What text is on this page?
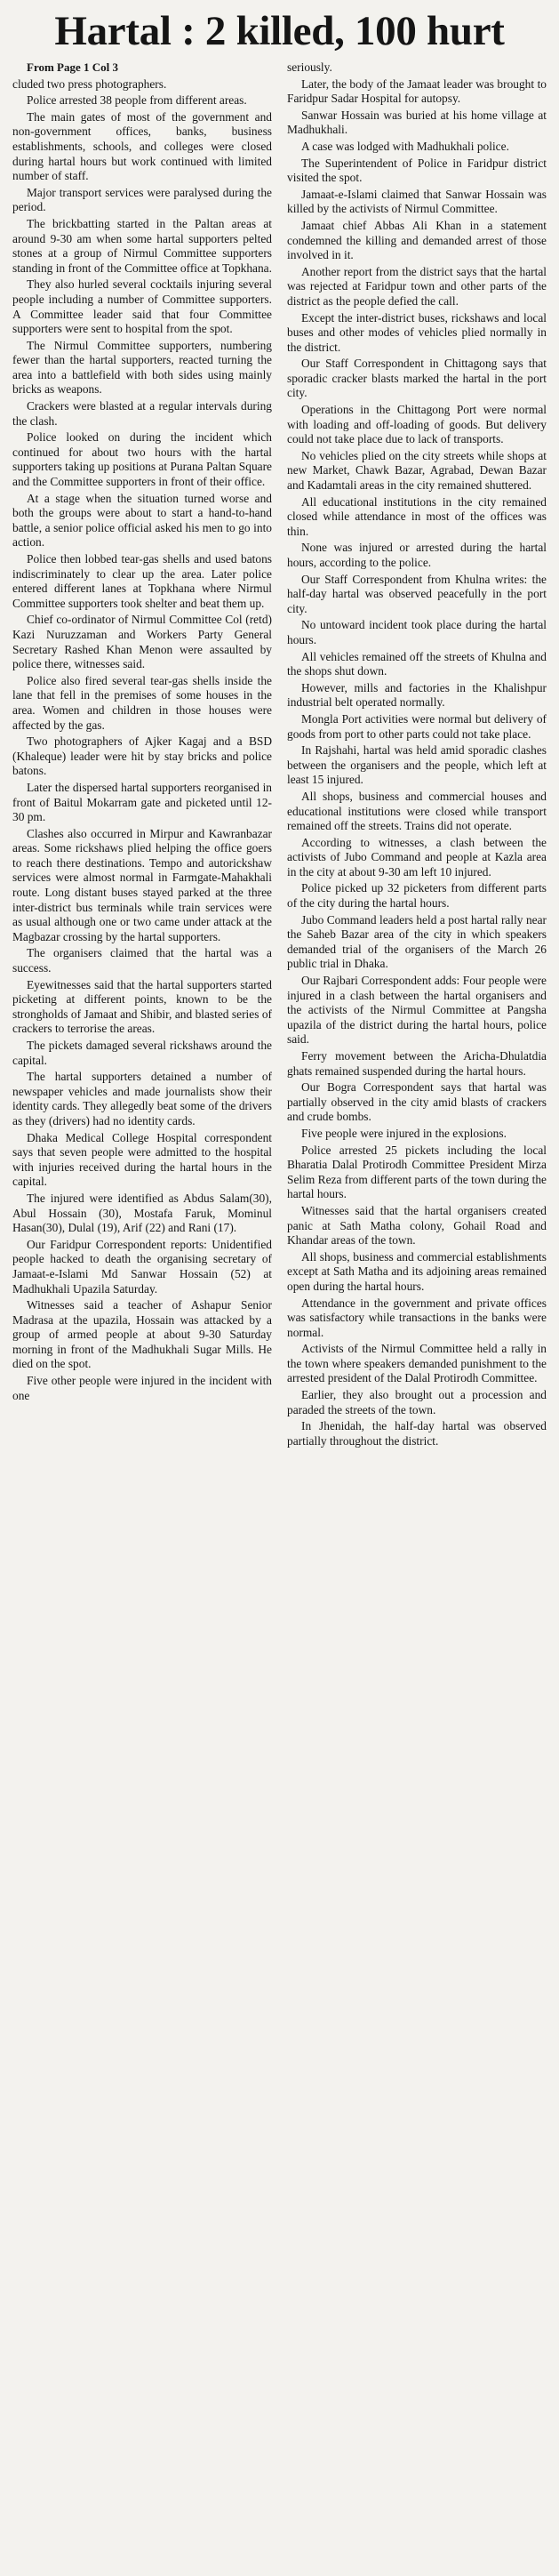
Hartal : 2 killed, 100 hurt

From Page 1 Col 3

cluded two press photographers.

Police arrested 38 people from different areas.

The main gates of most of the government and non-government offices, banks, business establishments, schools, and colleges were closed during hartal hours but work continued with limited number of staff.

Major transport services were paralysed during the period.

The brickbatting started in the Paltan areas at around 9-30 am when some hartal supporters pelted stones at a group of Nirmul Committee supporters standing in front of the Committee office at Topkhana.

They also hurled several cocktails injuring several people including a number of Committee supporters. A Committee leader said that four Committee supporters were sent to hospital from the spot.

The Nirmul Committee supporters, numbering fewer than the hartal supporters, reacted turning the area into a battlefield with both sides using mainly bricks as weapons.

Crackers were blasted at a regular intervals during the clash.

Police looked on during the incident which continued for about two hours with the hartal supporters taking up positions at Purana Paltan Square and the Committee supporters in front of their office.

At a stage when the situation turned worse and both the groups were about to start a hand-to-hand battle, a senior police official asked his men to go into action.

Police then lobbed tear-gas shells and used batons indiscriminately to clear up the area. Later police entered different lanes at Topkhana where Nirmul Committee supporters took shelter and beat them up.

Chief co-ordinator of Nirmul Committee Col (retd) Kazi Nuruzzaman and Workers Party General Secretary Rashed Khan Menon were assaulted by police there, witnesses said.

Police also fired several tear-gas shells inside the lane that fell in the premises of some houses in the area. Women and children in those houses were affected by the gas.

Two photographers of Ajker Kagaj and a BSD (Khaleque) leader were hit by stay bricks and police batons.

Later the dispersed hartal supporters reorganised in front of Baitul Mokarram gate and picketed until 12-30 pm.

Clashes also occurred in Mirpur and Kawranbazar areas. Some rickshaws plied helping the office goers to reach there destinations. Tempo and autorickshaw services were almost normal in Farmgate-Mahakhali route. Long distant buses stayed parked at the three inter-district bus terminals while train services were as usual although one or two came under attack at the Magbazar crossing by the hartal supporters.

The organisers claimed that the hartal was a success.

Eyewitnesses said that the hartal supporters started picketing at different points, known to be the strongholds of Jamaat and Shibir, and blasted series of crackers to terrorise the areas.

The pickets damaged several rickshaws around the capital.

The hartal supporters detained a number of newspaper vehicles and made journalists show their identity cards. They allegedly beat some of the drivers as they (drivers) had no identity cards.

Dhaka Medical College Hospital correspondent says that seven people were admitted to the hospital with injuries received during the hartal hours in the capital.

The injured were identified as Abdus Salam(30), Abul Hossain (30), Mostafa Faruk, Mominul Hasan(30), Dulal (19), Arif (22) and Rani (17).

Our Faridpur Correspondent reports: Unidentified people hacked to death the organising secretary of Jamaat-e-Islami Md Sanwar Hossain (52) at Madhukhali Upazila Saturday.

Witnesses said a teacher of Ashapur Senior Madrasa at the upazila, Hossain was attacked by a group of armed people at about 9-30 Saturday morning in front of the Madhukhali Sugar Mills. He died on the spot.

Five other people were injured in the incident with one

seriously.

Later, the body of the Jamaat leader was brought to Faridpur Sadar Hospital for autopsy.

Sanwar Hossain was buried at his home village at Madhukhali.

A case was lodged with Madhukhali police.

The Superintendent of Police in Faridpur district visited the spot.

Jamaat-e-Islami claimed that Sanwar Hossain was killed by the activists of Nirmul Committee.

Jamaat chief Abbas Ali Khan in a statement condemned the killing and demanded arrest of those involved in it.

Another report from the district says that the hartal was rejected at Faridpur town and other parts of the district as the people defied the call.

Except the inter-district buses, rickshaws and local buses and other modes of vehicles plied normally in the district.

Our Staff Correspondent in Chittagong says that sporadic cracker blasts marked the hartal in the port city.

Operations in the Chittagong Port were normal with loading and off-loading of goods. But delivery could not take place due to lack of transports.

No vehicles plied on the city streets while shops at new Market, Chawk Bazar, Agrabad, Dewan Bazar and Kadamtali areas in the city remained shuttered.

All educational institutions in the city remained closed while attendance in most of the offices was thin.

None was injured or arrested during the hartal hours, according to the police.

Our Staff Correspondent from Khulna writes: the half-day hartal was observed peacefully in the port city.

No untoward incident took place during the hartal hours.

All vehicles remained off the streets of Khulna and the shops shut down.

However, mills and factories in the Khalishpur industrial belt operated normally.

Mongla Port activities were normal but delivery of goods from port to other parts could not take place.

In Rajshahi, hartal was held amid sporadic clashes between the organisers and the people, which left at least 15 injured.

All shops, business and commercial houses and educational institutions were closed while transport remained off the streets. Trains did not operate.

According to witnesses, a clash between the activists of Jubo Command and people at Kazla area in the city at about 9-30 am left 10 injured.

Police picked up 32 picketers from different parts of the city during the hartal hours.

Jubo Command leaders held a post hartal rally near the Saheb Bazar area of the city in which speakers demanded trial of the organisers of the March 26 public trial in Dhaka.

Our Rajbari Correspondent adds: Four people were injured in a clash between the hartal organisers and the activists of the Nirmul Committee at Pangsha upazila of the district during the hartal hours, police said.

Ferry movement between the Aricha-Dhulatdia ghats remained suspended during the hartal hours.

Our Bogra Correspondent says that hartal was partially observed in the city amid blasts of crackers and crude bombs.

Five people were injured in the explosions.

Police arrested 25 pickets including the local Bharatia Dalal Protirodh Committee President Mirza Selim Reza from different parts of the town during the hartal hours.

Witnesses said that the hartal organisers created panic at Sath Matha colony, Gohail Road and Khandar areas of the town.

All shops, business and commercial establishments except at Sath Matha and its adjoining areas remained open during the hartal hours.

Attendance in the government and private offices was satisfactory while transactions in the banks were normal.

Activists of the Nirmul Committee held a rally in the town where speakers demanded punishment to the arrested president of the Dalal Protirodh Committee.

Earlier, they also brought out a procession and paraded the streets of the town.

In Jhenidah, the half-day hartal was observed partially throughout the district.
